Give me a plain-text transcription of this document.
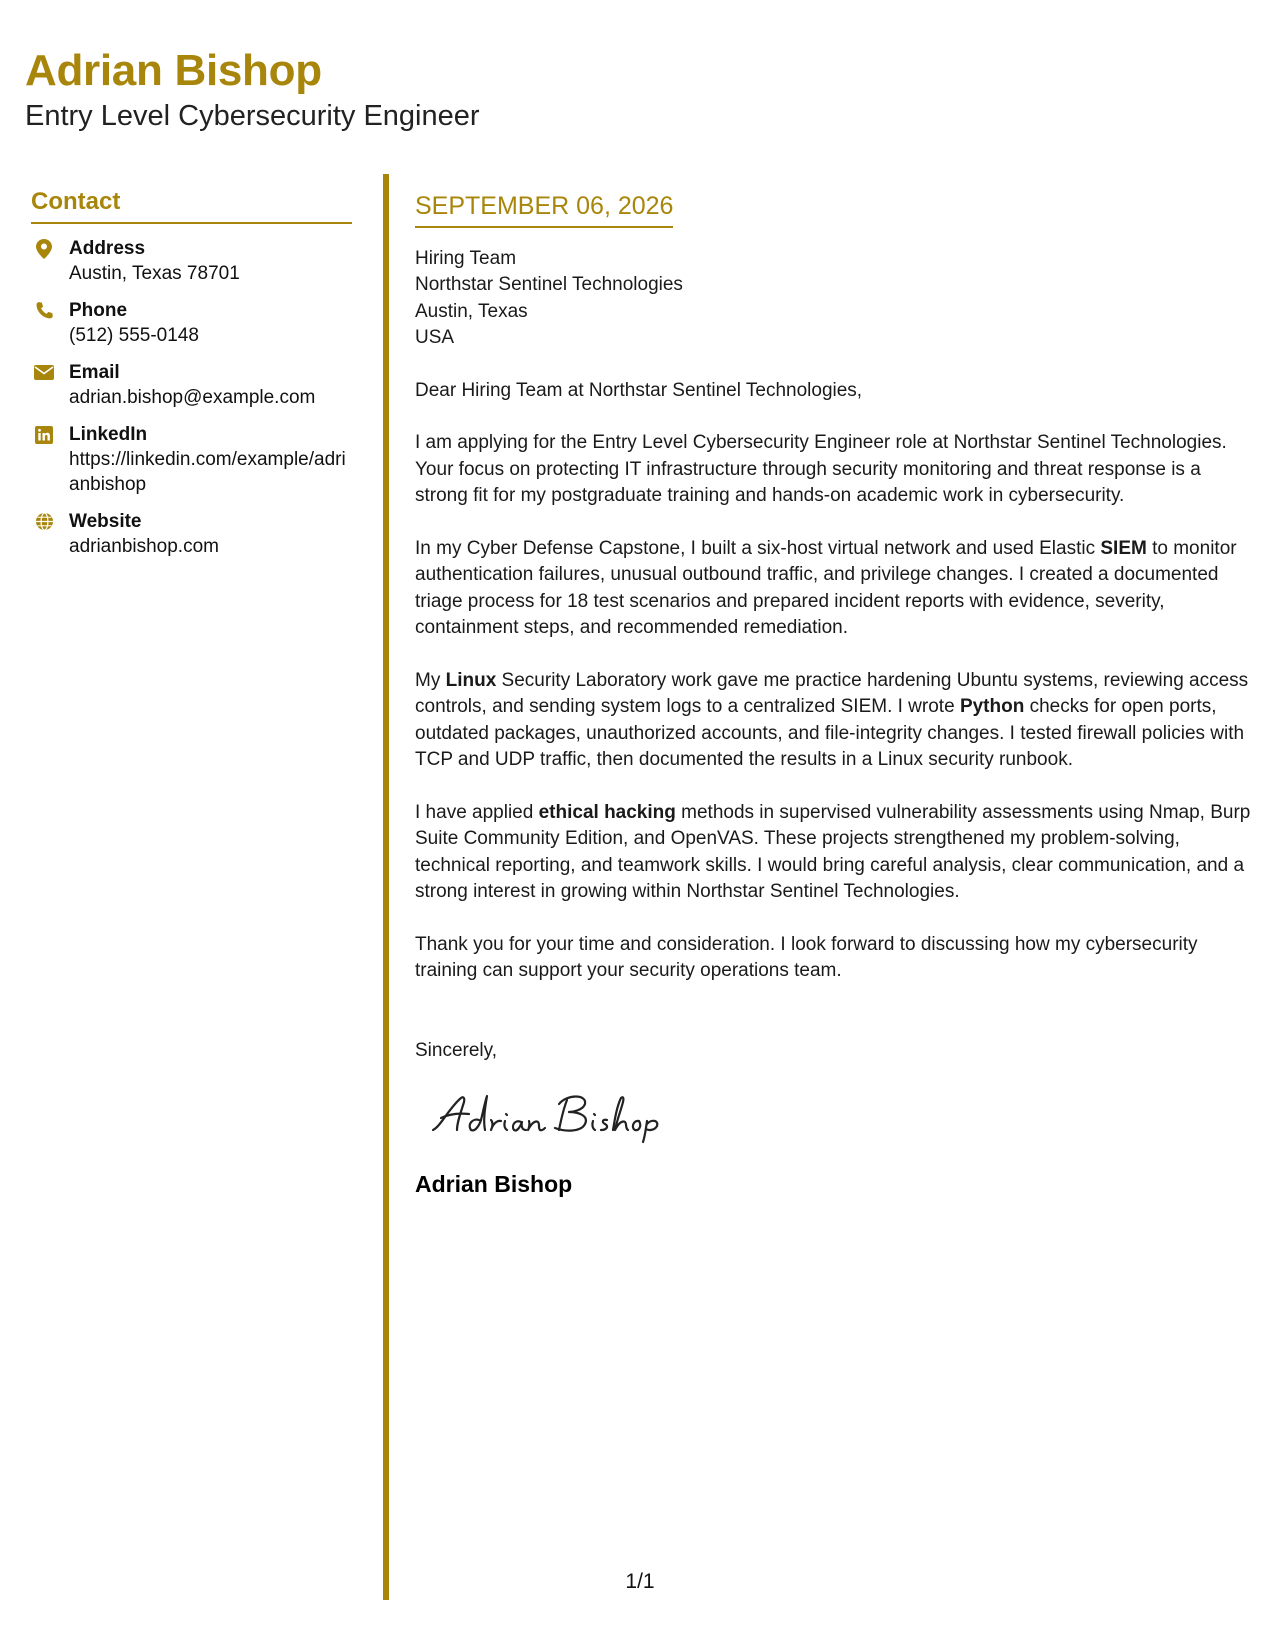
Adrian Bishop
Entry Level Cybersecurity Engineer
Contact
Address
Austin, Texas 78701
Phone
(512) 555-0148
Email
adrian.bishop@example.com
LinkedIn
https://linkedin.com/example/adrianbishop
Website
adrianbishop.com
SEPTEMBER 06, 2026
Hiring Team
Northstar Sentinel Technologies
Austin, Texas
USA
Dear Hiring Team at Northstar Sentinel Technologies,

I am applying for the Entry Level Cybersecurity Engineer role at Northstar Sentinel Technologies. Your focus on protecting IT infrastructure through security monitoring and threat response is a strong fit for my postgraduate training and hands-on academic work in cybersecurity.

In my Cyber Defense Capstone, I built a six-host virtual network and used Elastic SIEM to monitor authentication failures, unusual outbound traffic, and privilege changes. I created a documented triage process for 18 test scenarios and prepared incident reports with evidence, severity, containment steps, and recommended remediation.

My Linux Security Laboratory work gave me practice hardening Ubuntu systems, reviewing access controls, and sending system logs to a centralized SIEM. I wrote Python checks for open ports, outdated packages, unauthorized accounts, and file-integrity changes. I tested firewall policies with TCP and UDP traffic, then documented the results in a Linux security runbook.

I have applied ethical hacking methods in supervised vulnerability assessments using Nmap, Burp Suite Community Edition, and OpenVAS. These projects strengthened my problem-solving, technical reporting, and teamwork skills. I would bring careful analysis, clear communication, and a strong interest in growing within Northstar Sentinel Technologies.

Thank you for your time and consideration. I look forward to discussing how my cybersecurity training can support your security operations team.

Sincerely,
Adrian Bishop
1/1
